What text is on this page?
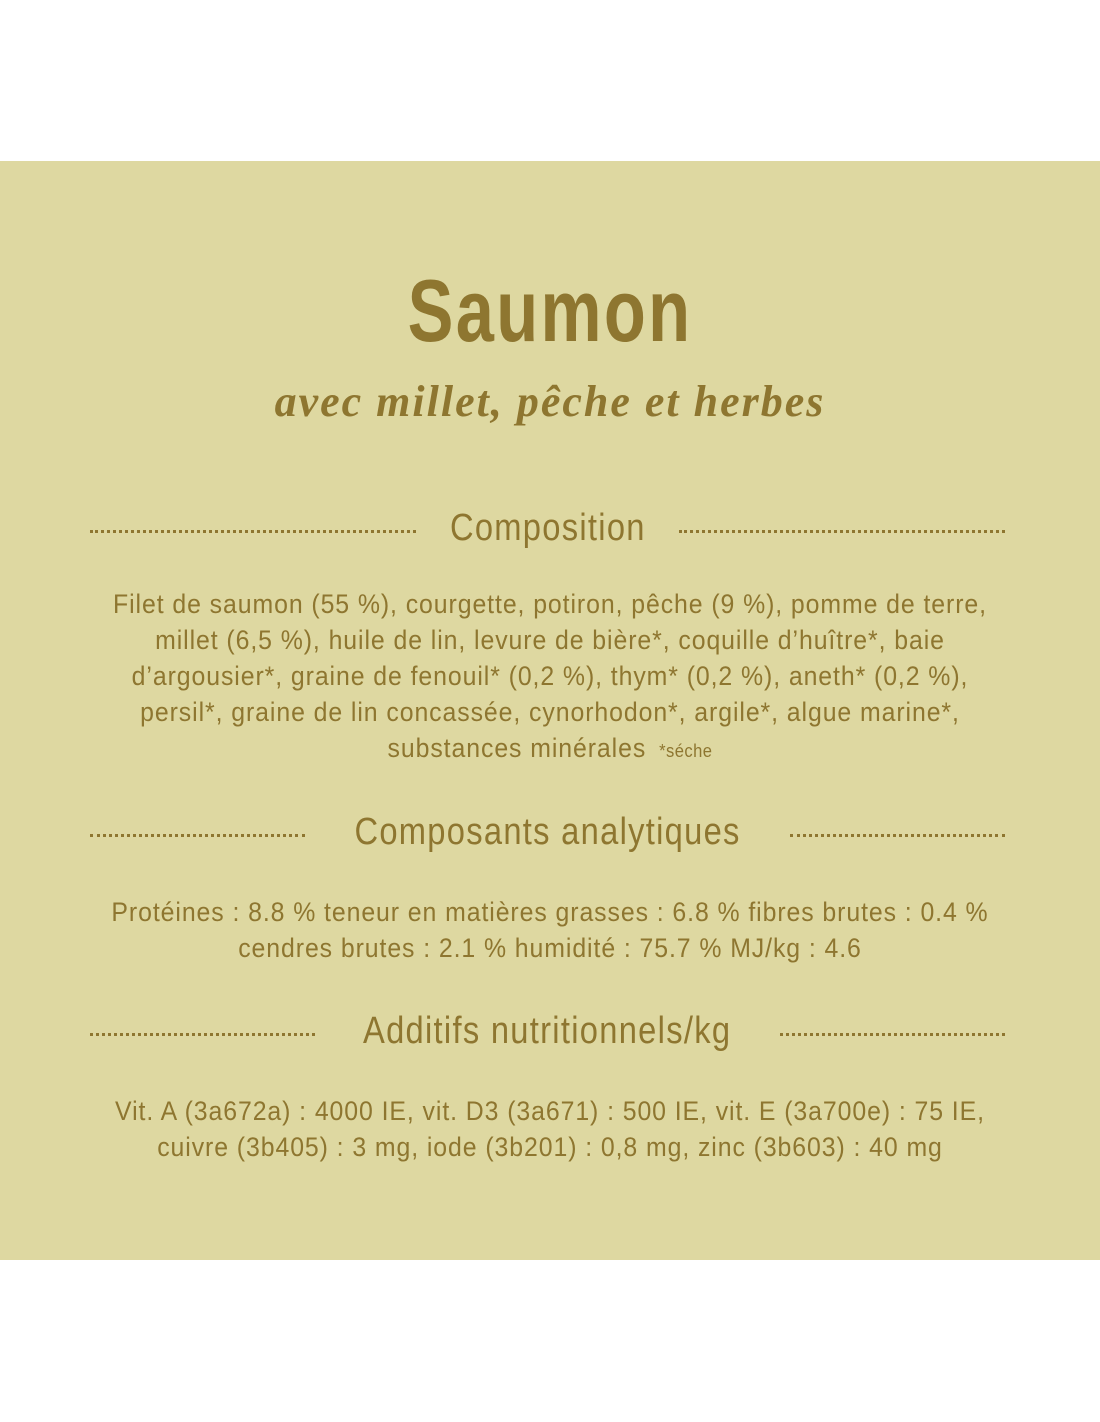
Saumon
avec millet, pêche et herbes
Composition
Filet de saumon (55 %), courgette, potiron, pêche (9 %), pomme de terre,
millet (6,5 %), huile de lin, levure de bière*, coquille d’huître*, baie
d’argousier*, graine de fenouil* (0,2 %), thym* (0,2 %), aneth* (0,2 %),
persil*, graine de lin concassée, cynorhodon*, argile*, algue marine*,
substances minérales *séche
Composants analytiques
Protéines : 8.8 % teneur en matières grasses : 6.8 % fibres brutes : 0.4 %
cendres brutes : 2.1 % humidité : 75.7 % MJ/kg : 4.6
Additifs nutritionnels/kg
Vit. A (3a672a) : 4000 IE, vit. D3 (3a671) : 500 IE, vit. E (3a700e) : 75 IE,
cuivre (3b405) : 3 mg, iode (3b201) : 0,8 mg, zinc (3b603) : 40 mg
